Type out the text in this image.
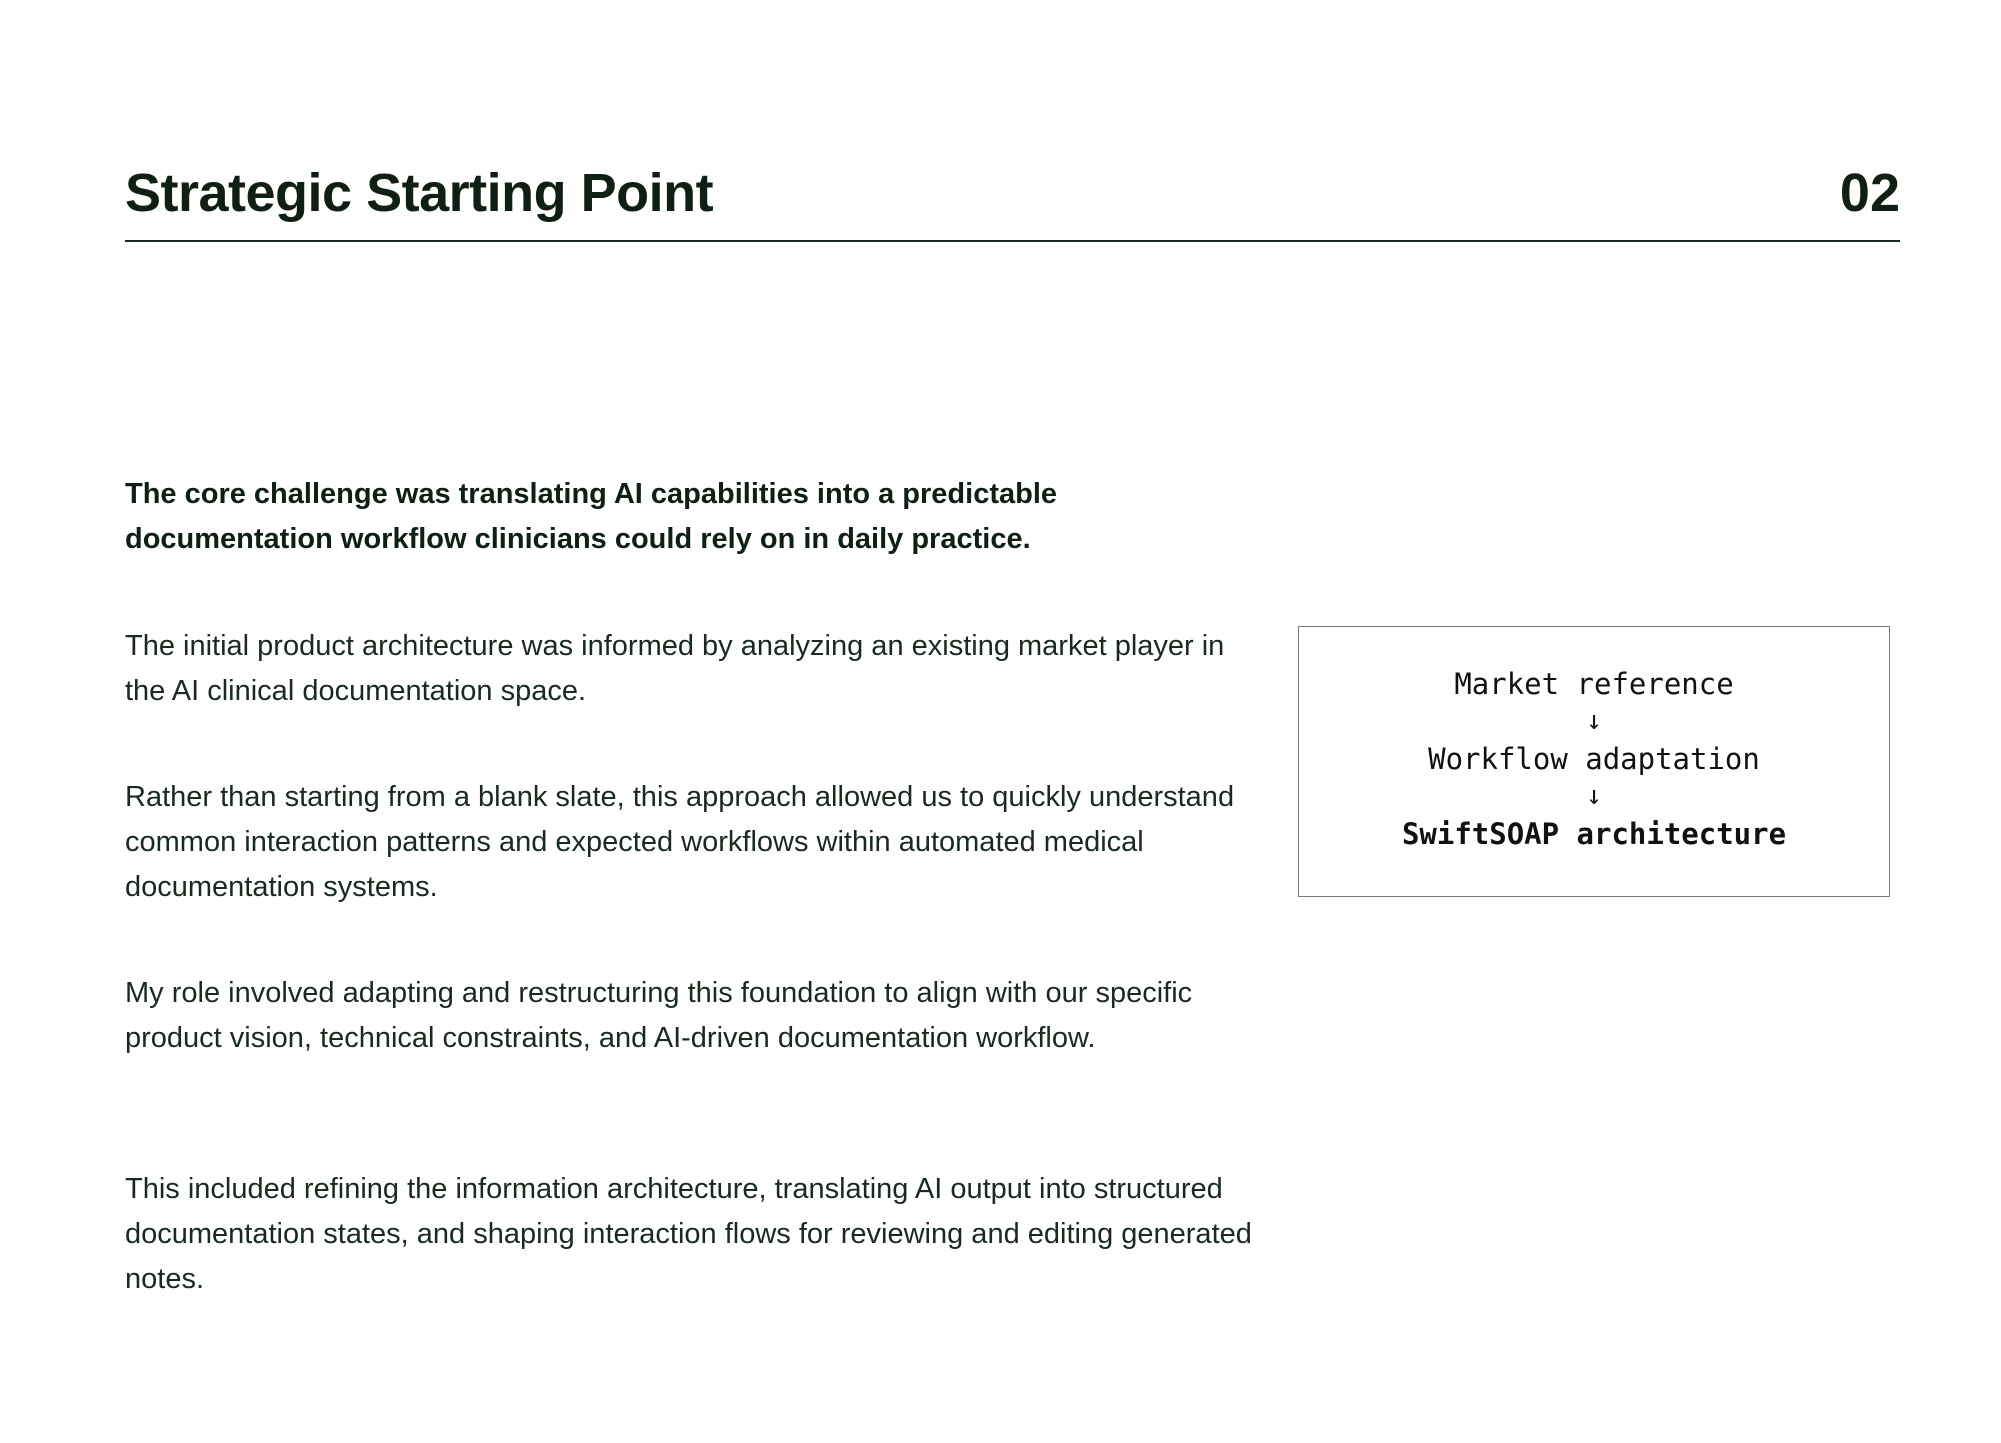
Strategic Starting Point	02

The core challenge was translating AI capabilities into a predictable documentation workflow clinicians could rely on in daily practice.

The initial product architecture was informed by analyzing an existing market player in the AI clinical documentation space.

Rather than starting from a blank slate, this approach allowed us to quickly understand common interaction patterns and expected workflows within automated medical documentation systems.

My role involved adapting and restructuring this foundation to align with our specific product vision, technical constraints, and AI-driven documentation workflow.

This included refining the information architecture, translating AI output into structured documentation states, and shaping interaction flows for reviewing and editing generated notes.

Market reference
↓
Workflow adaptation
↓
SwiftSOAP architecture
